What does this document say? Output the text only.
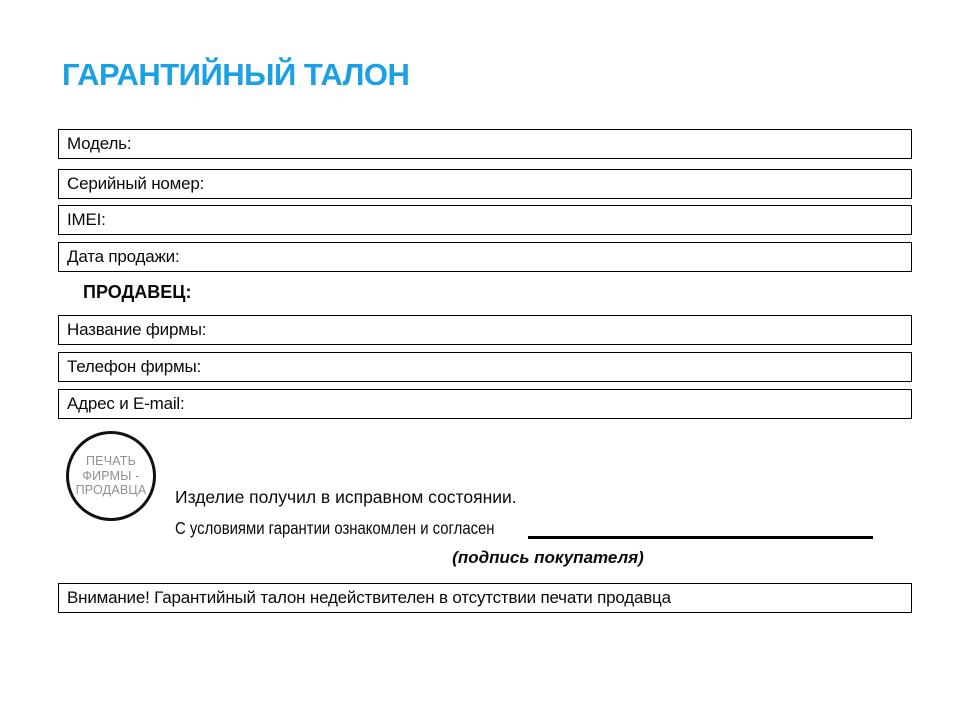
ГАРАНТИЙНЫЙ ТАЛОН
Модель:
Серийный номер:
IMEI:
Дата продажи:
ПРОДАВЕЦ:
Название фирмы:
Телефон фирмы:
Адрес и E-mail:
ПЕЧАТЬ
ФИРМЫ -
ПРОДАВЦА Изделие получил в исправном состоянии.
С условиями гарантии ознакомлен и согласен
(подпись покупателя)
Внимание! Гарантийный талон недействителен в отсутствии печати продавца
